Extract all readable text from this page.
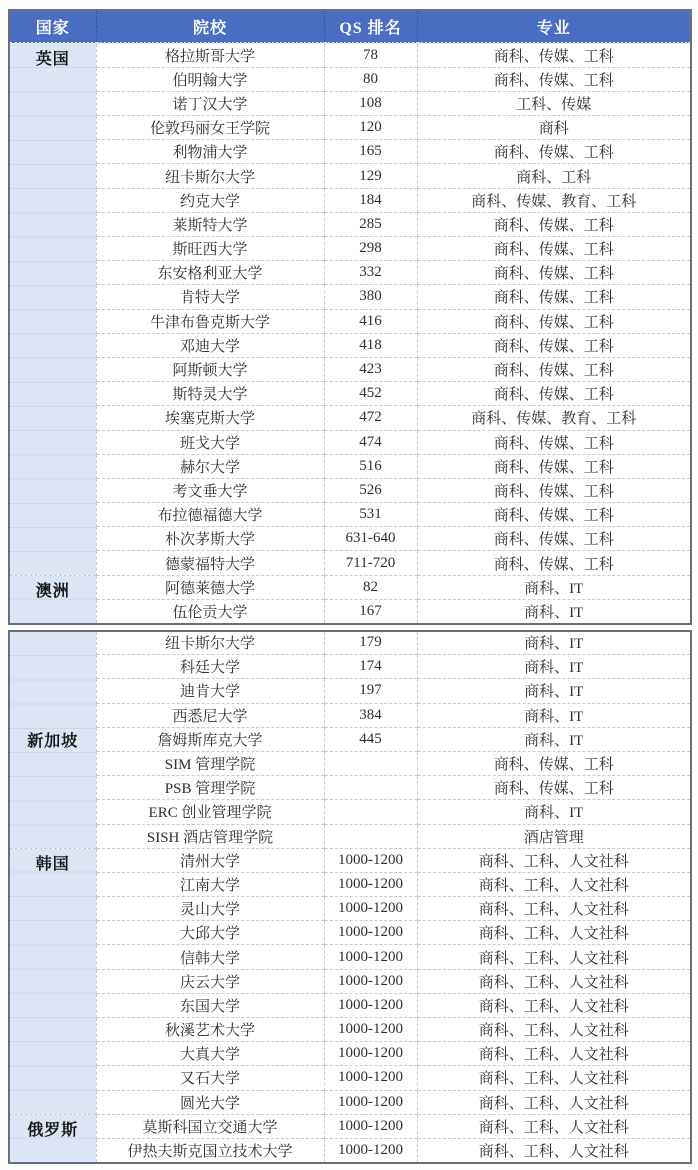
国家	院校	QS 排名	专业
英国	格拉斯哥大学	78	商科、传媒、工科
	伯明翰大学	80	商科、传媒、工科
	诺丁汉大学	108	工科、传媒
	伦敦玛丽女王学院	120	商科
	利物浦大学	165	商科、传媒、工科
	纽卡斯尔大学	129	商科、工科
	约克大学	184	商科、传媒、教育、工科
	莱斯特大学	285	商科、传媒、工科
	斯旺西大学	298	商科、传媒、工科
	东安格利亚大学	332	商科、传媒、工科
	肯特大学	380	商科、传媒、工科
	牛津布鲁克斯大学	416	商科、传媒、工科
	邓迪大学	418	商科、传媒、工科
	阿斯顿大学	423	商科、传媒、工科
	斯特灵大学	452	商科、传媒、工科
	埃塞克斯大学	472	商科、传媒、教育、工科
	班戈大学	474	商科、传媒、工科
	赫尔大学	516	商科、传媒、工科
	考文垂大学	526	商科、传媒、工科
	布拉德福德大学	531	商科、传媒、工科
	朴次茅斯大学	631-640	商科、传媒、工科
	德蒙福特大学	711-720	商科、传媒、工科
澳洲	阿德莱德大学	82	商科、IT
	伍伦贡大学	167	商科、IT
新加坡	纽卡斯尔大学	179	商科、IT
	科廷大学	174	商科、IT
	迪肯大学	197	商科、IT
	西悉尼大学	384	商科、IT
	詹姆斯库克大学	445	商科、IT
	SIM 管理学院		商科、传媒、工科
	PSB 管理学院		商科、传媒、工科
	ERC 创业管理学院		商科、IT
	SISH 酒店管理学院		酒店管理
韩国	清州大学	1000-1200	商科、工科、人文社科
	江南大学	1000-1200	商科、工科、人文社科
	灵山大学	1000-1200	商科、工科、人文社科
	大邱大学	1000-1200	商科、工科、人文社科
	信韩大学	1000-1200	商科、工科、人文社科
	庆云大学	1000-1200	商科、工科、人文社科
	东国大学	1000-1200	商科、工科、人文社科
	秋溪艺术大学	1000-1200	商科、工科、人文社科
	大真大学	1000-1200	商科、工科、人文社科
	又石大学	1000-1200	商科、工科、人文社科
	圆光大学	1000-1200	商科、工科、人文社科
俄罗斯	莫斯科国立交通大学	1000-1200	商科、工科、人文社科
	伊热夫斯克国立技术大学	1000-1200	商科、工科、人文社科
